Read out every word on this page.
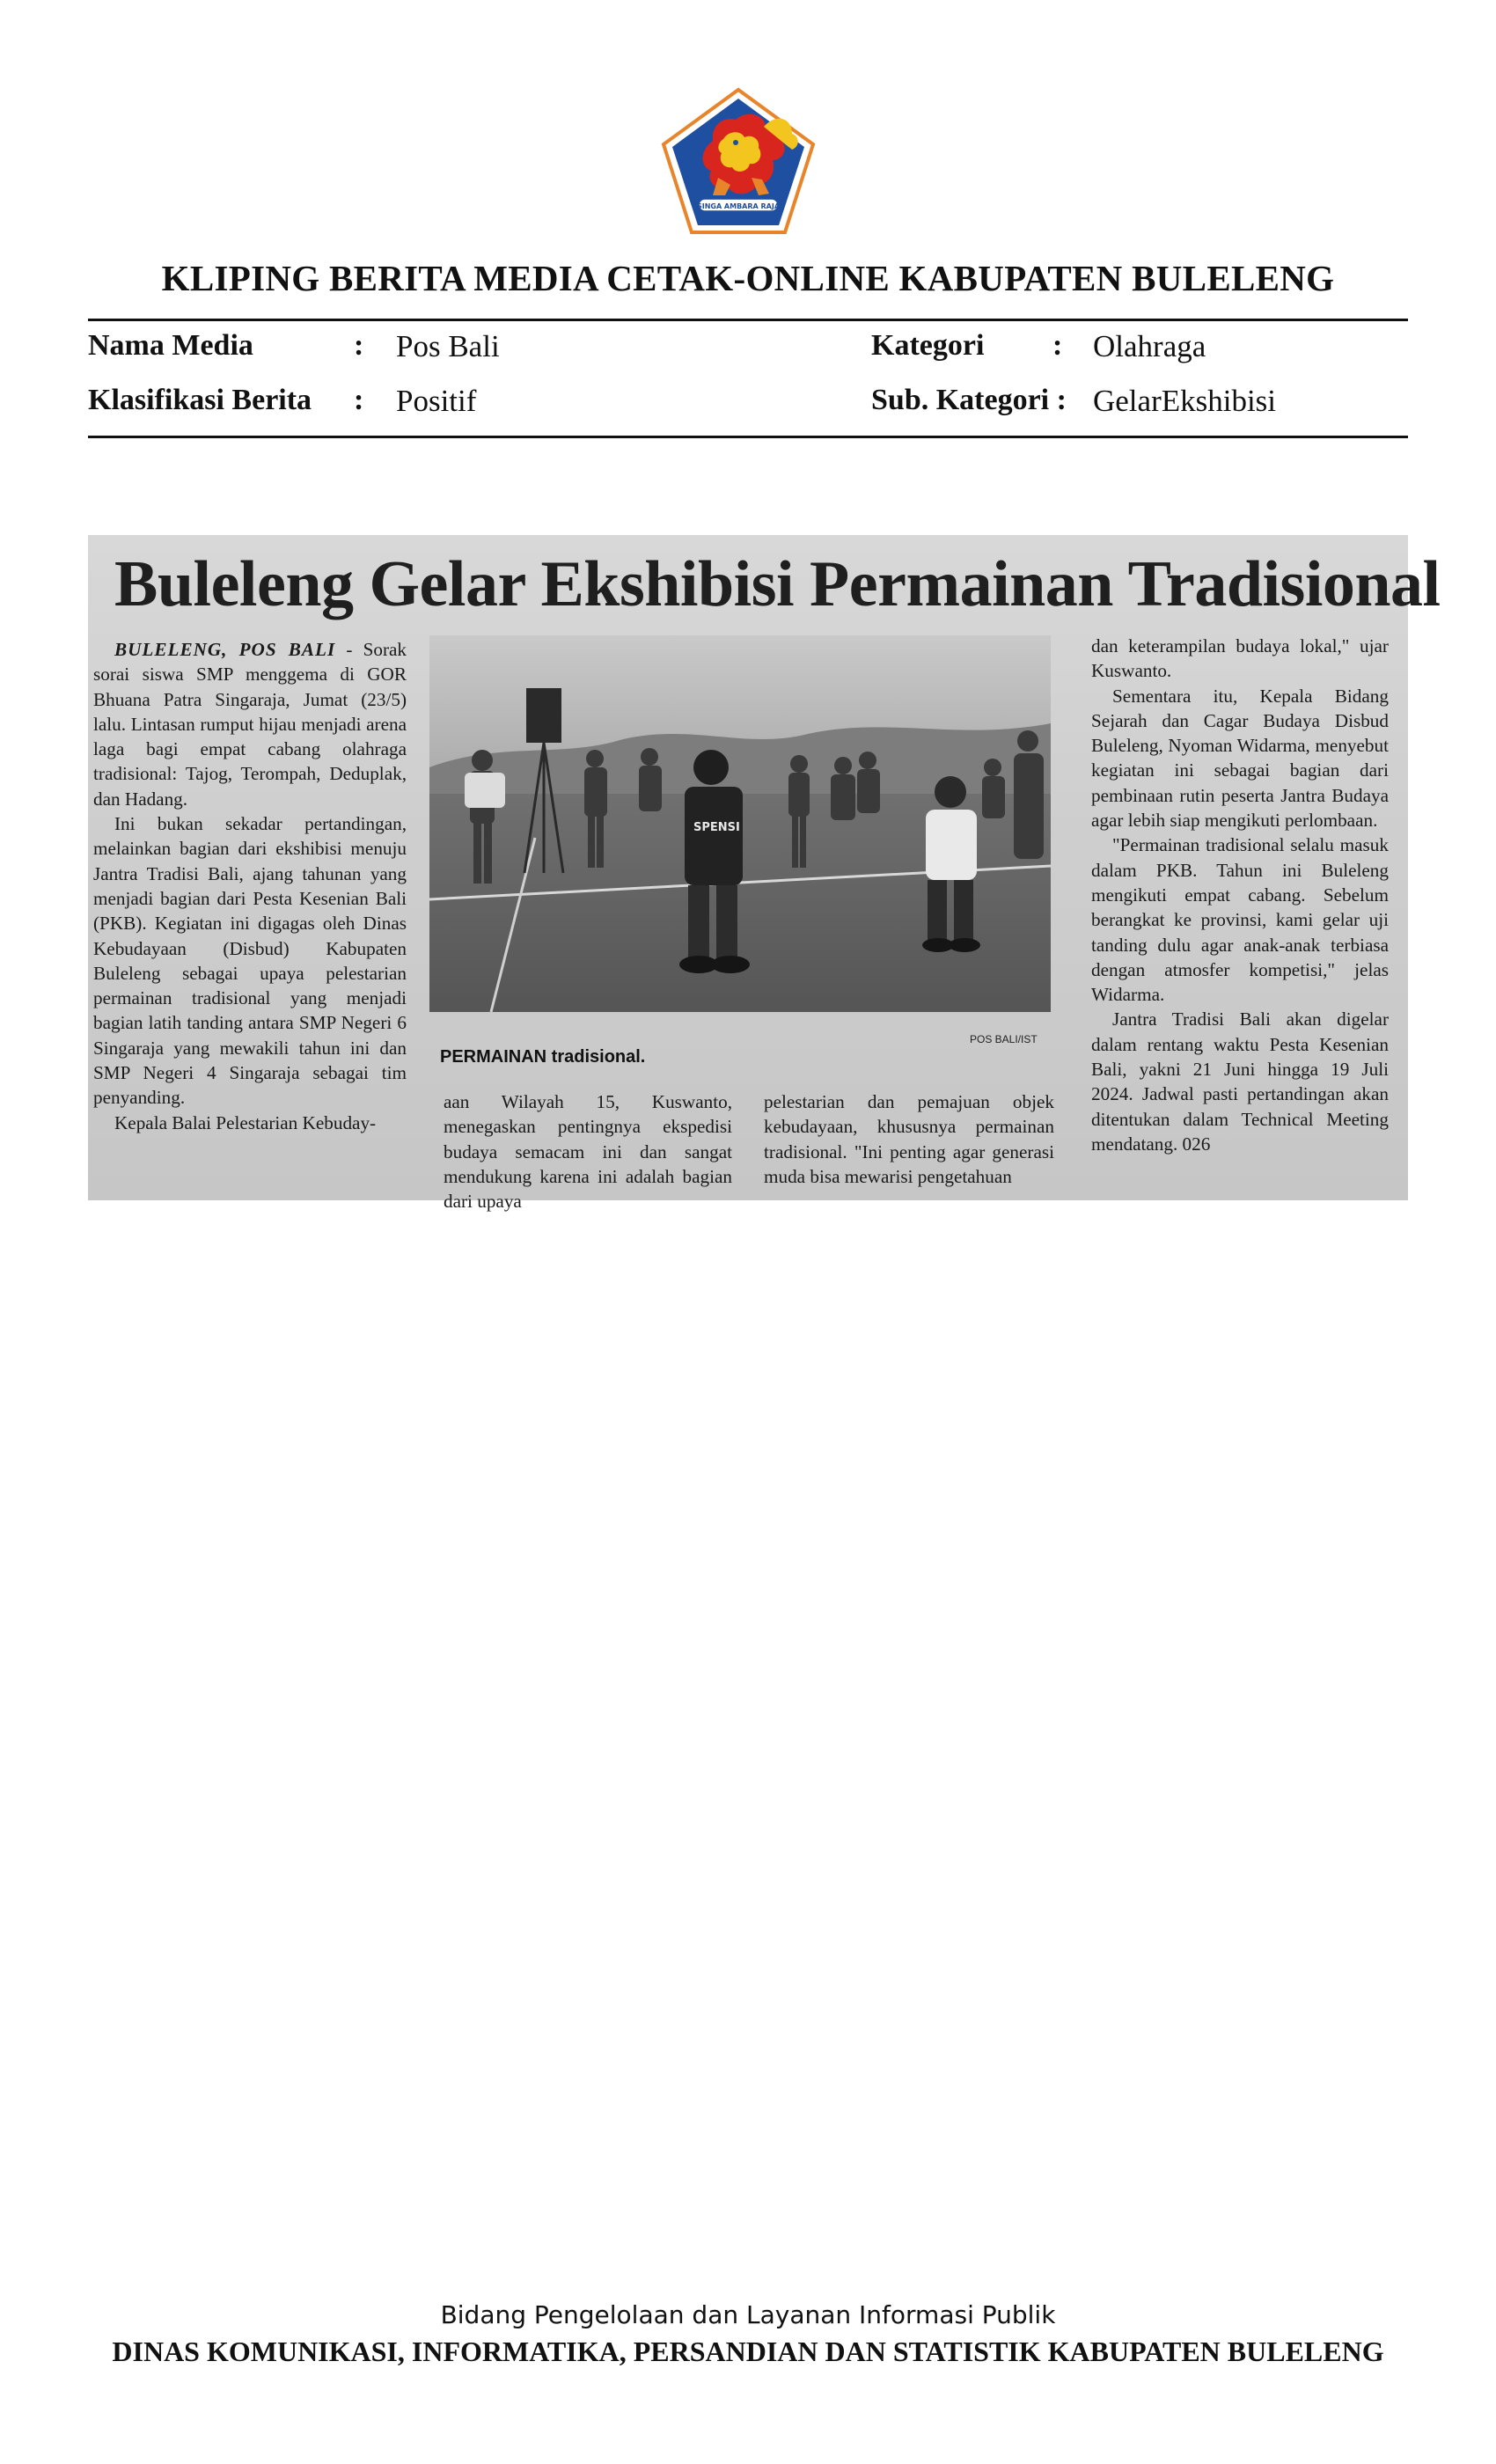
SINGA AMBARA RAJA
KLIPING BERITA MEDIA CETAK-ONLINE KABUPATEN BULELENG
Nama Media	: Pos Bali	Kategori : Olahraga
Klasifikasi Berita : Positif	Sub. Kategori : GelarEkshibisi
Buleleng Gelar Ekshibisi Permainan Tradisional

BULELENG, POS BALI - Sorak sorai siswa SMP menggema di GOR Bhuana Patra Singaraja, Jumat (23/5) lalu. Lintasan rumput hijau menjadi arena laga bagi empat cabang olahraga tradisional: Tajog, Terompah, Deduplak, dan Hadang.

Ini bukan sekadar pertandingan, melainkan bagian dari ekshibisi menuju Jantra Tradisi Bali, ajang tahunan yang menjadi bagian dari Pesta Kesenian Bali (PKB). Kegiatan ini digagas oleh Dinas Kebudayaan (Disbud) Kabupaten Buleleng sebagai upaya pelestarian permainan tradisional yang menjadi bagian latih tanding antara SMP Negeri 6 Singaraja yang mewakili tahun ini dan SMP Negeri 4 Singaraja sebagai tim penyanding.

Kepala Balai Pelestarian Kebuday-

SPENSI
PERMAINAN tradisional.
POS BALI/IST

aan Wilayah 15, Kuswanto, menegaskan pentingnya ekspedisi budaya semacam ini dan sangat mendukung karena ini adalah bagian dari upaya

pelestarian dan pemajuan objek kebudayaan, khususnya permainan tradisional. "Ini penting agar generasi muda bisa mewarisi pengetahuan

dan keterampilan budaya lokal," ujar Kuswanto.

Sementara itu, Kepala Bidang Sejarah dan Cagar Budaya Disbud Buleleng, Nyoman Widarma, menyebut kegiatan ini sebagai bagian dari pembinaan rutin peserta Jantra Budaya agar lebih siap mengikuti perlombaan.

"Permainan tradisional selalu masuk dalam PKB. Tahun ini Buleleng mengikuti empat cabang. Sebelum berangkat ke provinsi, kami gelar uji tanding dulu agar anak-anak terbiasa dengan atmosfer kompetisi," jelas Widarma.

Jantra Tradisi Bali akan digelar dalam rentang waktu Pesta Kesenian Bali, yakni 21 Juni hingga 19 Juli 2024. Jadwal pasti pertandingan akan ditentukan dalam Technical Meeting mendatang. 026

Bidang Pengelolaan dan Layanan Informasi Publik
DINAS KOMUNIKASI, INFORMATIKA, PERSANDIAN DAN STATISTIK KABUPATEN BULELENG
